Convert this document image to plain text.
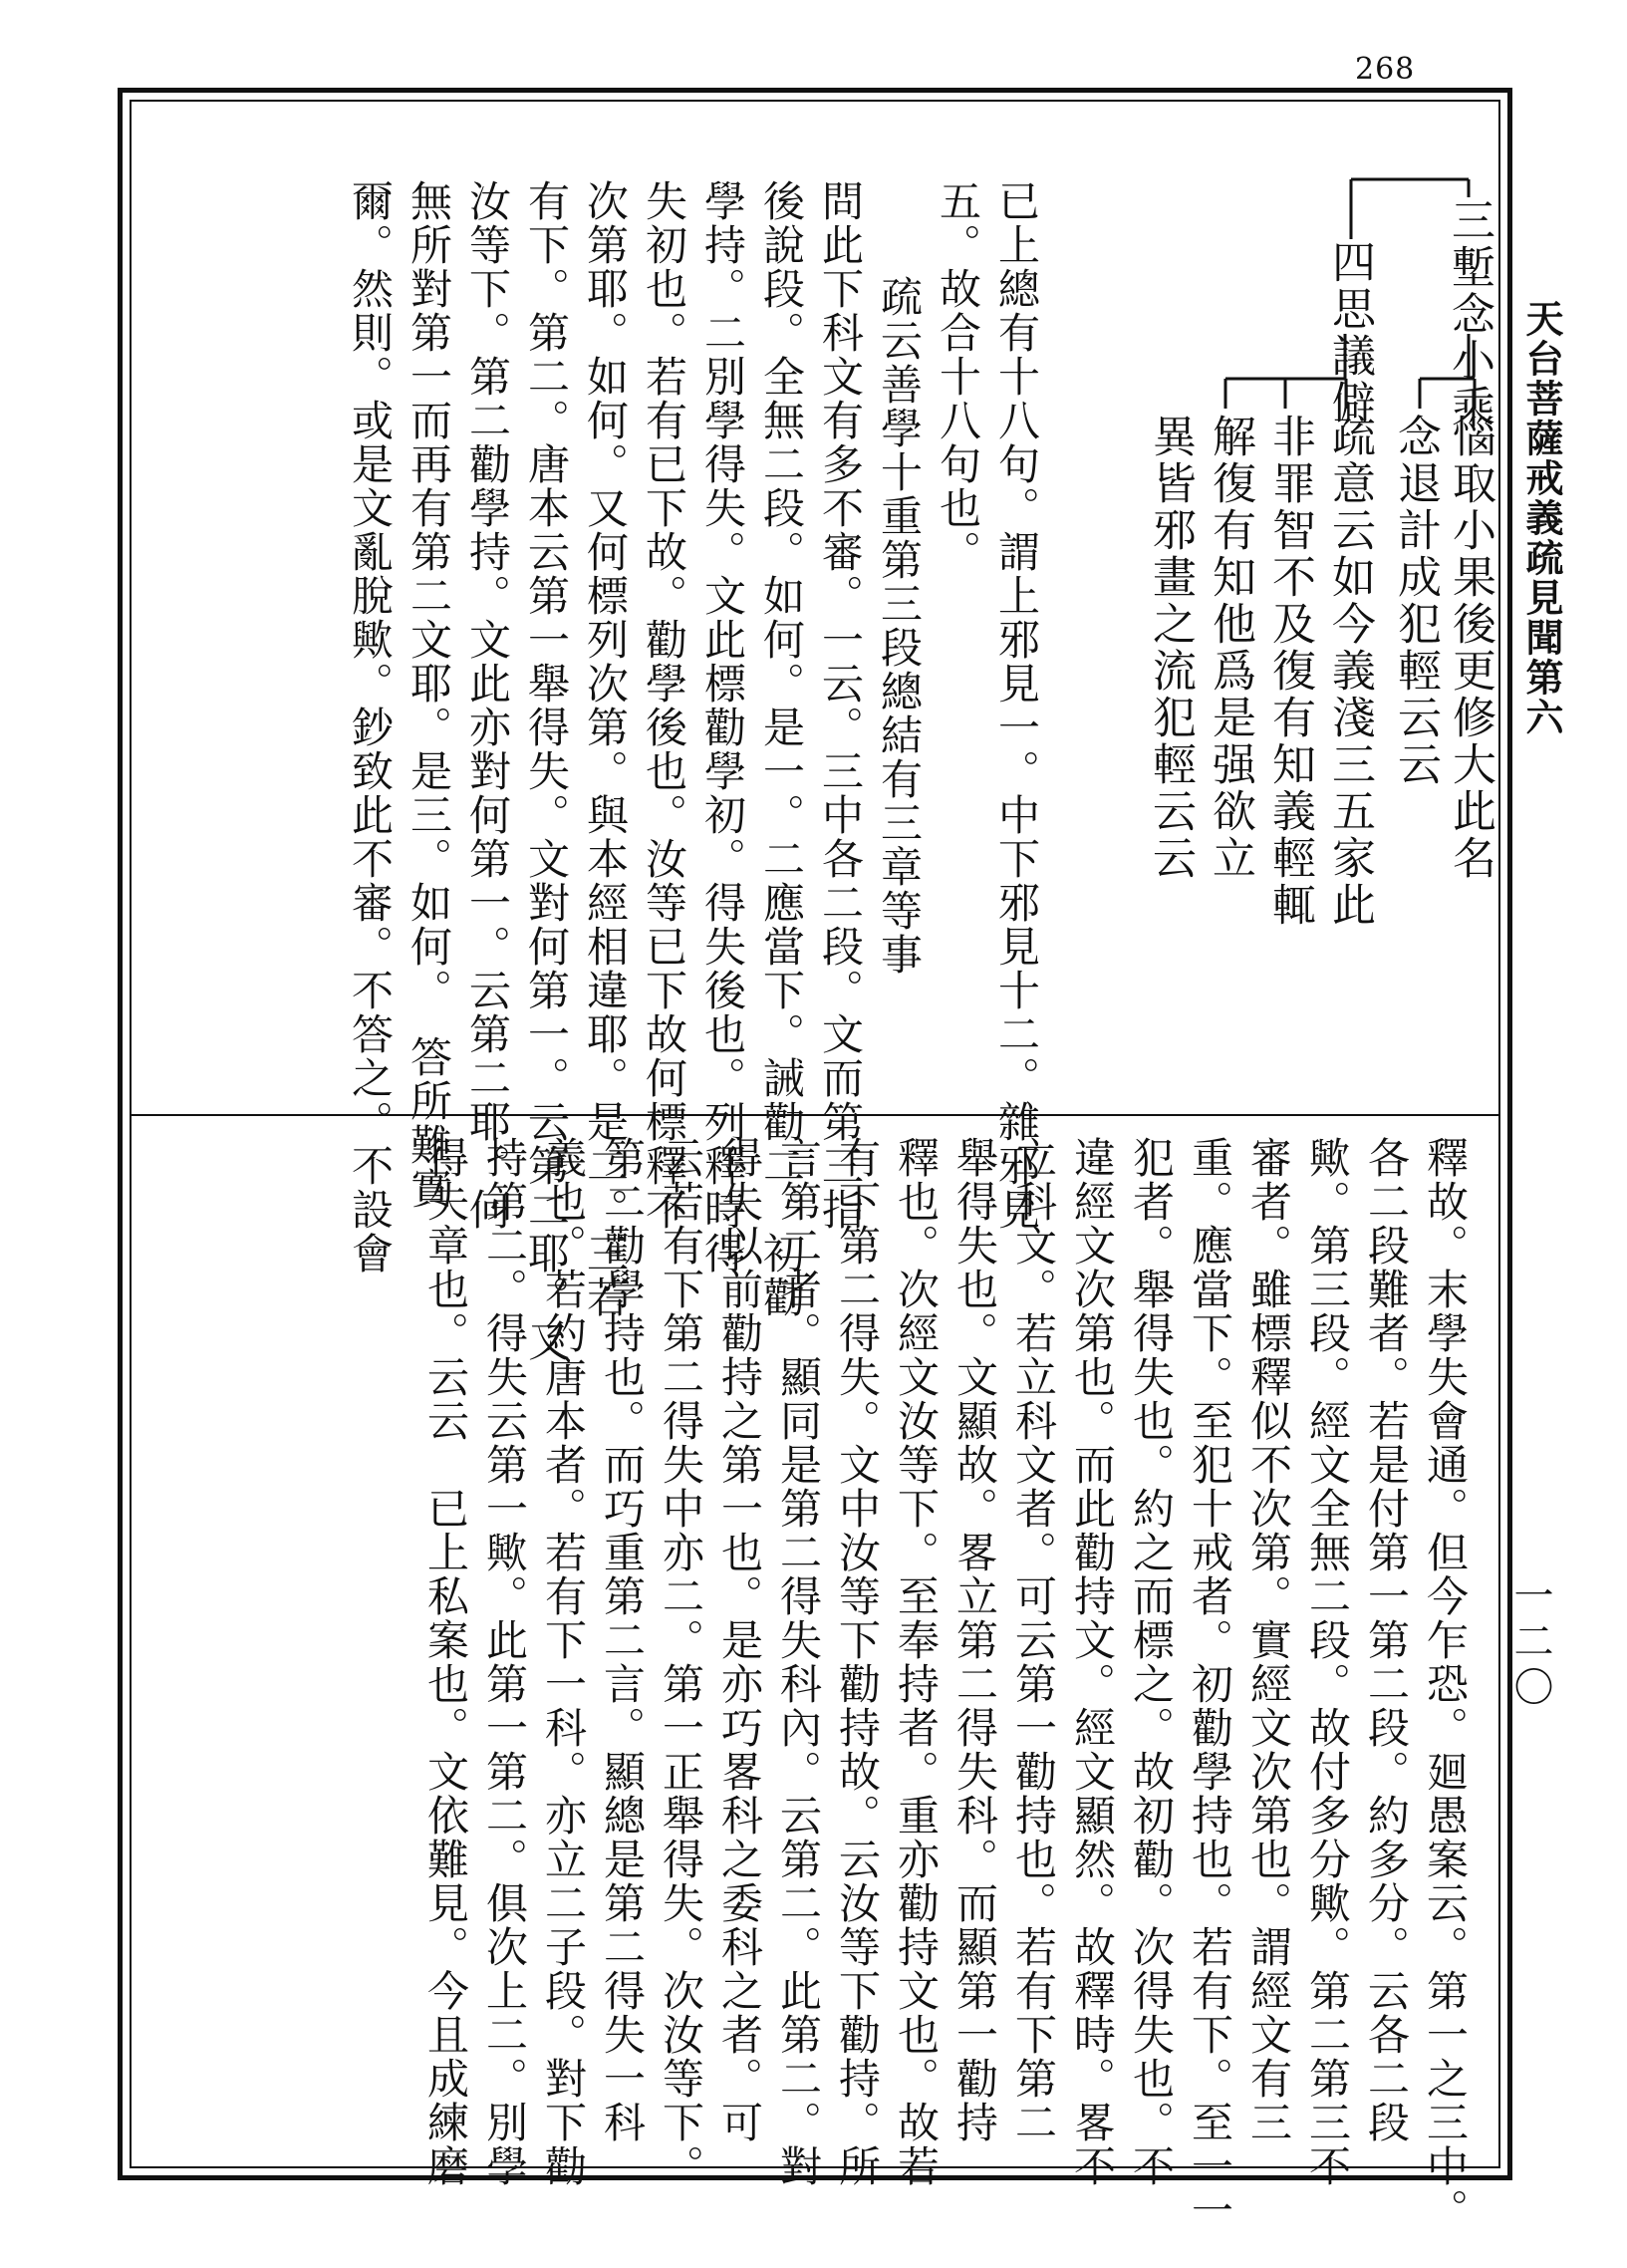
268
天台菩薩戒義疏見聞第六
一二〇
三塹念小乘
四思議僻
惱取小果後更修大此名
念退計成犯輕云云
疏意云如今義淺三五家此
非罪智不及復有知義輕輒
解復有知他爲是强欲立
異皆邪畫之流犯輕云云
已上總有十八句。謂上邪見一。中下邪見十二。雜邪見
五。故合十八句也。
疏云善學十重第三段總結有三章等事
問此下科文有多不審。一云。三中各二段。文而第三指
後說段。全無二段。如何。是一。二應當下。誡勸二。初勸
學持。二別學得失。文此標勸學初。得失後也。列釋時得
失初也。若有已下故。勸學後也。汝等已下故何標釋不
次第耶。如何。又何標列次第。與本經相違耶。是二。三若
有下。第二。唐本云第一舉得失。文對何第一。云第二耶。又
汝等下。第二勸學持。文此亦對何第一。云第二耶。何
無所對第一而再有第二文耶。是三。如何。　答所難實
爾。然則。或是文亂脫歟。鈔致此不審。不答之。不設會
釋故。末學失會通。但今乍恐。廻愚案云。第一之三中。
各二段難者。若是付第一第二段。約多分。云各二段
歟。第三段。經文全無二段。故付多分歟。第二第三不
審者。雖標釋似不次第。實經文次第也。謂經文有三
重。應當下。至犯十戒者。初勸學持也。若有下。至一一
犯者。舉得失也。約之而標之。故初勸。次得失也。不
違經文次第也。而此勸持文。經文顯然。故釋時。畧不
立科文。若立科文者。可云第一勸持也。若有下第二
舉得失也。文顯故。畧立第二得失科。而顯第一勸持
釋也。次經文汝等下。至奉持者。重亦勸持文也。故若
有下第二得失。文中汝等下勸持故。云汝等下勸持。所
言第二者。顯同是第二得失科內。云第二。此第二。對
得失以前勸持之第一也。是亦巧畧科之委科之者。可
云若有下第二得失中亦二。第一正舉得失。次汝等下。
第二勸學持也。而巧重第二言。顯總是第二得失一科
義也。若約唐本者。若有下一科。亦立二子段。對下勸
持第二。得失云第一歟。此第一第二。俱次上二。別學
得失章也。云云　已上私案也。文依難見。今且成練磨
